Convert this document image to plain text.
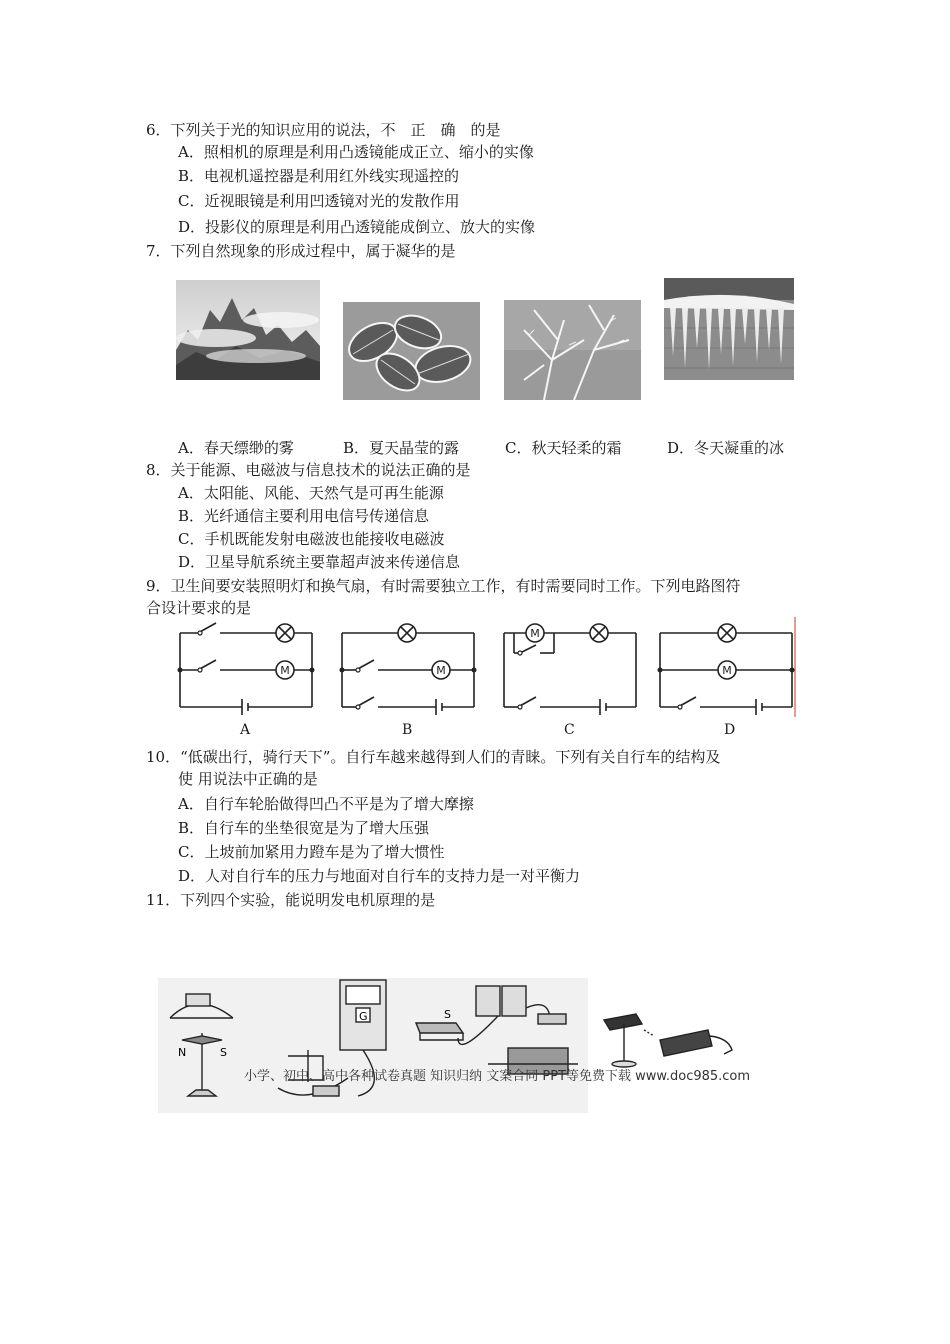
6．下列关于光的知识应用的说法，不　正　确　的是
A．照相机的原理是利用凸透镜能成正立、缩小的实像
B．电视机遥控器是利用红外线实现遥控的
C．近视眼镜是利用凹透镜对光的发散作用
D．投影仪的原理是利用凸透镜能成倒立、放大的实像
7．下列自然现象的形成过程中，属于凝华的是
A．春天缥缈的雾	B．夏天晶莹的露	C．秋天轻柔的霜	D．冬天凝重的冰
8．关于能源、电磁波与信息技术的说法正确的是
A．太阳能、风能、天然气是可再生能源
B．光纤通信主要利用电信号传递信息
C．手机既能发射电磁波也能接收电磁波
D．卫星导航系统主要靠超声波来传递信息
9．卫生间要安装照明灯和换气扇，有时需要独立工作，有时需要同时工作。下列电路图符
合设计要求的是
M
A
M
B
M
C
M
D
10．“低碳出行，骑行天下”。自行车越来越得到人们的青睐。下列有关自行车的结构及
使 用说法中正确的是
A．自行车轮胎做得凹凸不平是为了增大摩擦
B．自行车的坐垫很宽是为了增大压强
C．上坡前加紧用力蹬车是为了增大惯性
D．人对自行车的压力与地面对自行车的支持力是一对平衡力
11．下列四个实验，能说明发电机原理的是
N	S
G	S
小学、初中、高中各种试卷真题 知识归纳 文案合同 PPT等免费下载 www.doc985.com
